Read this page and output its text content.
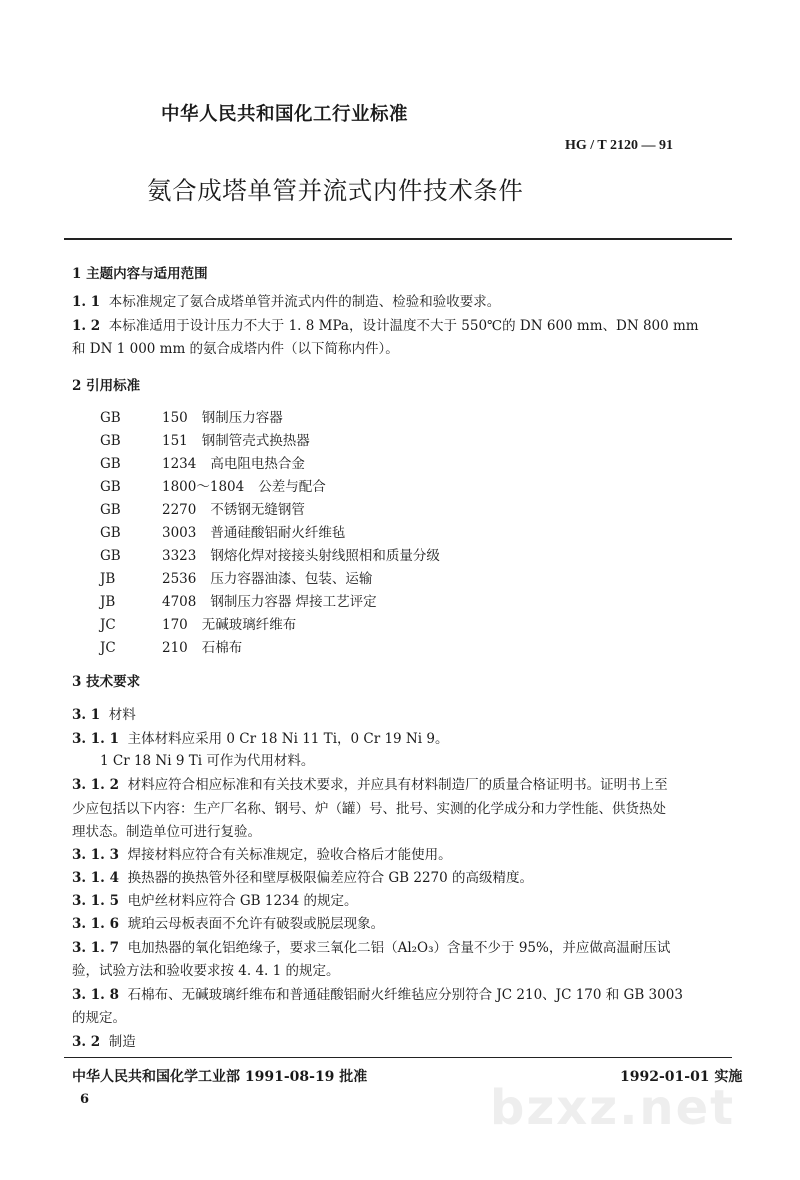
中华人民共和国化工行业标准
HG / T 2120 — 91
氨合成塔单管并流式内件技术条件
1 主题内容与适用范围
1. 1 本标准规定了氨合成塔单管并流式内件的制造、检验和验收要求。
1. 2 本标准适用于设计压力不大于 1. 8 MPa，设计温度不大于 550℃的 DN 600 mm、DN 800 mm
和 DN 1 000 mm 的氨合成塔内件（以下简称内件）。
2 引用标准
GB	150 钢制压力容器
GB	151 钢制管壳式换热器
GB	1234 高电阻电热合金
GB	1800～1804 公差与配合
GB	2270 不锈钢无缝钢管
GB	3003 普通硅酸铝耐火纤维毡
GB	3323 钢熔化焊对接接头射线照相和质量分级
JB	2536 压力容器油漆、包装、运输
JB	4708 钢制压力容器 焊接工艺评定
JC	170 无碱玻璃纤维布
JC	210 石棉布
3 技术要求
3. 1 材料
3. 1. 1 主体材料应采用 0 Cr 18 Ni 11 Ti，0 Cr 19 Ni 9。
1 Cr 18 Ni 9 Ti 可作为代用材料。
3. 1. 2 材料应符合相应标准和有关技术要求，并应具有材料制造厂的质量合格证明书。证明书上至
少应包括以下内容：生产厂名称、钢号、炉（罐）号、批号、实测的化学成分和力学性能、供货热处
理状态。制造单位可进行复验。
3. 1. 3 焊接材料应符合有关标准规定，验收合格后才能使用。
3. 1. 4 换热器的换热管外径和壁厚极限偏差应符合 GB 2270 的高级精度。
3. 1. 5 电炉丝材料应符合 GB 1234 的规定。
3. 1. 6 琥珀云母板表面不允许有破裂或脱层现象。
3. 1. 7 电加热器的氧化铝绝缘子，要求三氧化二铝（Al₂O₃）含量不少于 95%，并应做高温耐压试
验，试验方法和验收要求按 4. 4. 1 的规定。
3. 1. 8 石棉布、无碱玻璃纤维布和普通硅酸铝耐火纤维毡应分别符合 JC 210、JC 170 和 GB 3003
的规定。
3. 2 制造
bzxz.net
中华人民共和国化学工业部 1991-08-19 批准	1992-01-01 实施
6
